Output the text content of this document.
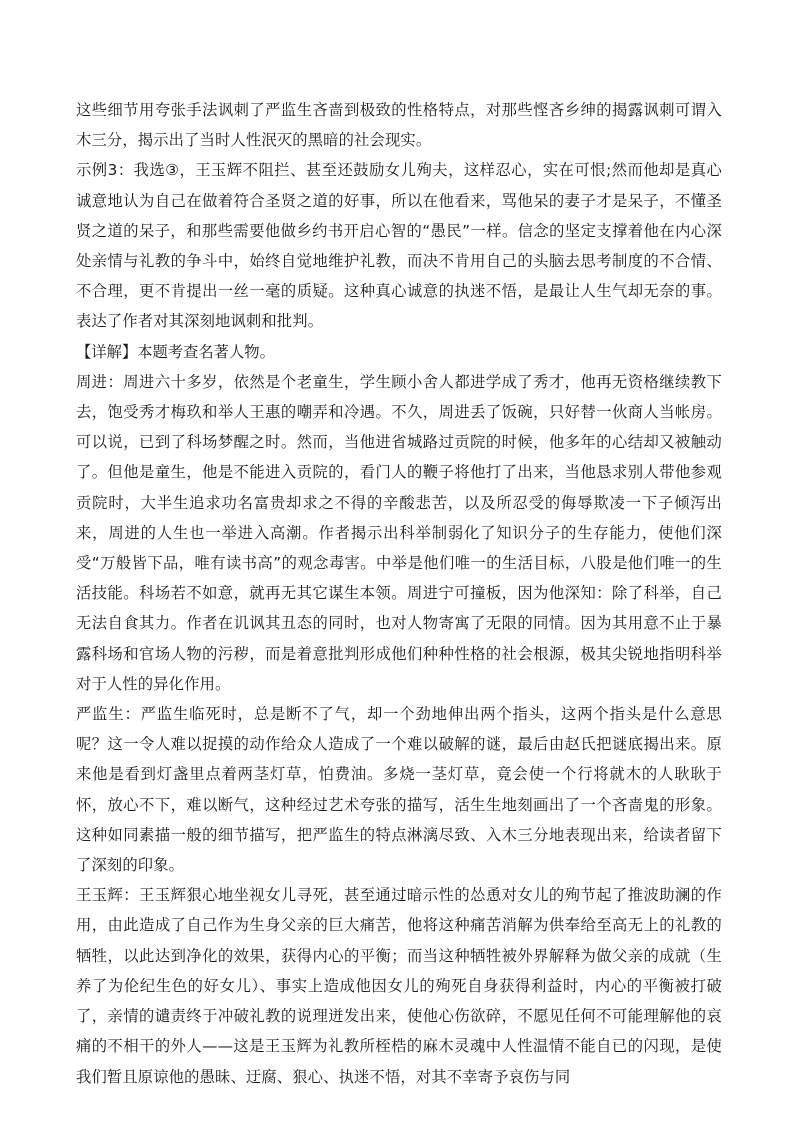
这些细节用夸张手法讽刺了严监生吝啬到极致的性格特点，对那些悭吝乡绅的揭露讽刺可谓入木三分，揭示出了当时人性泯灭的黑暗的社会现实。

示例3：我选③，王玉辉不阻拦、甚至还鼓励女儿殉夫，这样忍心，实在可恨;然而他却是真心诚意地认为自己在做着符合圣贤之道的好事，所以在他看来，骂他呆的妻子才是呆子，不懂圣贤之道的呆子，和那些需要他做乡约书开启心智的“愚民”一样。信念的坚定支撑着他在内心深处亲情与礼教的争斗中，始终自觉地维护礼教，而决不肯用自己的头脑去思考制度的不合情、不合理，更不肯提出一丝一毫的质疑。这种真心诚意的执迷不悟，是最让人生气却无奈的事。表达了作者对其深刻地讽刺和批判。

【详解】本题考查名著人物。

周进：周进六十多岁，依然是个老童生，学生顾小舍人都进学成了秀才，他再无资格继续教下去，饱受秀才梅玖和举人王惠的嘲弄和冷遇。不久，周进丢了饭碗，只好替一伙商人当帐房。可以说，已到了科场梦醒之时。然而，当他进省城路过贡院的时候，他多年的心结却又被触动了。但他是童生，他是不能进入贡院的，看门人的鞭子将他打了出来，当他恳求别人带他参观贡院时，大半生追求功名富贵却求之不得的辛酸悲苦，以及所忍受的侮辱欺凌一下子倾泻出来，周进的人生也一举进入高潮。作者揭示出科举制弱化了知识分子的生存能力，使他们深受“万般皆下品，唯有读书高”的观念毒害。中举是他们唯一的生活目标，八股是他们唯一的生活技能。科场若不如意，就再无其它谋生本领。周进宁可撞板，因为他深知：除了科举，自己无法自食其力。作者在讥讽其丑态的同时，也对人物寄寓了无限的同情。因为其用意不止于暴露科场和官场人物的污秽，而是着意批判形成他们种种性格的社会根源，极其尖锐地指明科举对于人性的异化作用。

严监生：严监生临死时，总是断不了气，却一个劲地伸出两个指头，这两个指头是什么意思呢？这一令人难以捉摸的动作给众人造成了一个难以破解的谜，最后由赵氏把谜底揭出来。原来他是看到灯盏里点着两茎灯草，怕费油。多烧一茎灯草，竟会使一个行将就木的人耿耿于怀，放心不下，难以断气，这种经过艺术夸张的描写，活生生地刻画出了一个吝啬鬼的形象。这种如同素描一般的细节描写，把严监生的特点淋漓尽致、入木三分地表现出来，给读者留下了深刻的印象。

王玉辉：王玉辉狠心地坐视女儿寻死，甚至通过暗示性的怂恿对女儿的殉节起了推波助澜的作用，由此造成了自己作为生身父亲的巨大痛苦，他将这种痛苦消解为供奉给至高无上的礼教的牺牲，以此达到净化的效果，获得内心的平衡；而当这种牺牲被外界解释为做父亲的成就（生养了为伦纪生色的好女儿）、事实上造成他因女儿的殉死自身获得利益时，内心的平衡被打破了，亲情的谴责终于冲破礼教的说理迸发出来，使他心伤欲碎，不愿见任何不可能理解他的哀痛的不相干的外人——这是王玉辉为礼教所桎梏的麻木灵魂中人性温情不能自已的闪现，是使我们暂且原谅他的愚昧、迂腐、狠心、执迷不悟，对其不幸寄予哀伤与同
